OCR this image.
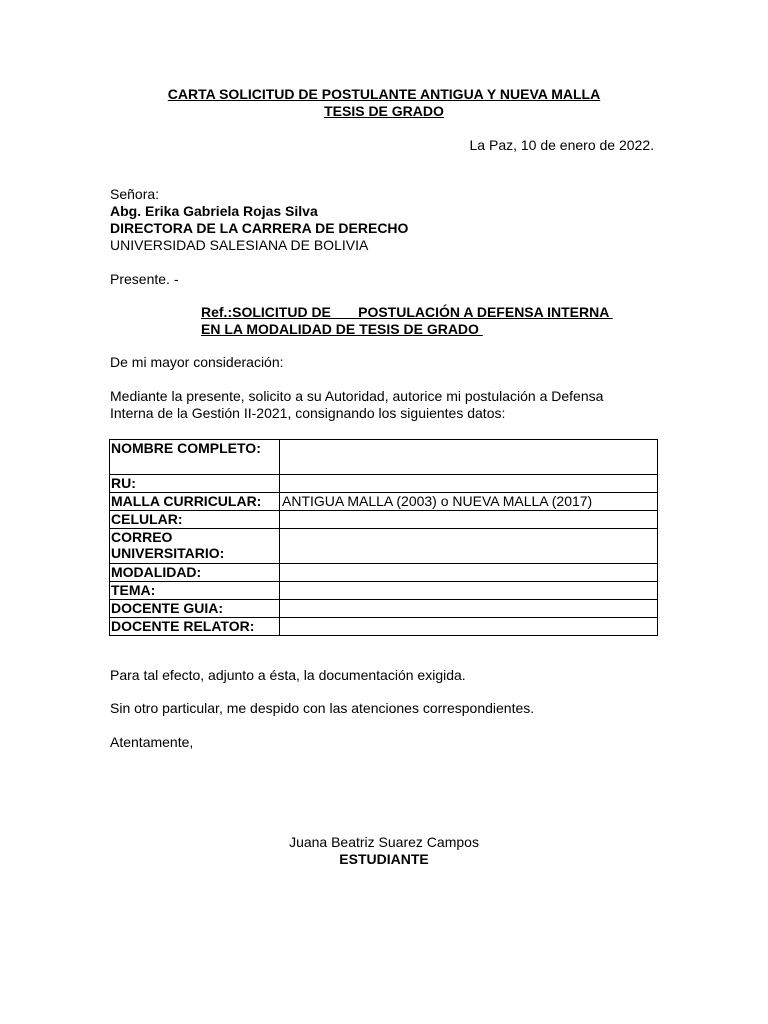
CARTA SOLICITUD DE POSTULANTE ANTIGUA Y NUEVA MALLA
TESIS DE GRADO
La Paz, 10 de enero de 2022.
Señora:
Abg. Erika Gabriela Rojas Silva
DIRECTORA DE LA CARRERA DE DERECHO
UNIVERSIDAD SALESIANA DE BOLIVIA
Presente. -
Ref.:SOLICITUD DE       POSTULACIÓN A DEFENSA INTERNA
EN LA MODALIDAD DE TESIS DE GRADO
De mi mayor consideración:
Mediante la presente, solicito a su Autoridad, autorice mi postulación a Defensa
Interna de la Gestión II-2021, consignando los siguientes datos:
NOMBRE COMPLETO:	
RU:	
MALLA CURRICULAR:	ANTIGUA MALLA (2003) o NUEVA MALLA (2017)
CELULAR:	
CORREO UNIVERSITARIO:	
MODALIDAD:	
TEMA:	
DOCENTE GUIA:	
DOCENTE RELATOR:	
Para tal efecto, adjunto a ésta, la documentación exigida.
Sin otro particular, me despido con las atenciones correspondientes.
Atentamente,
Juana Beatriz Suarez Campos
ESTUDIANTE
